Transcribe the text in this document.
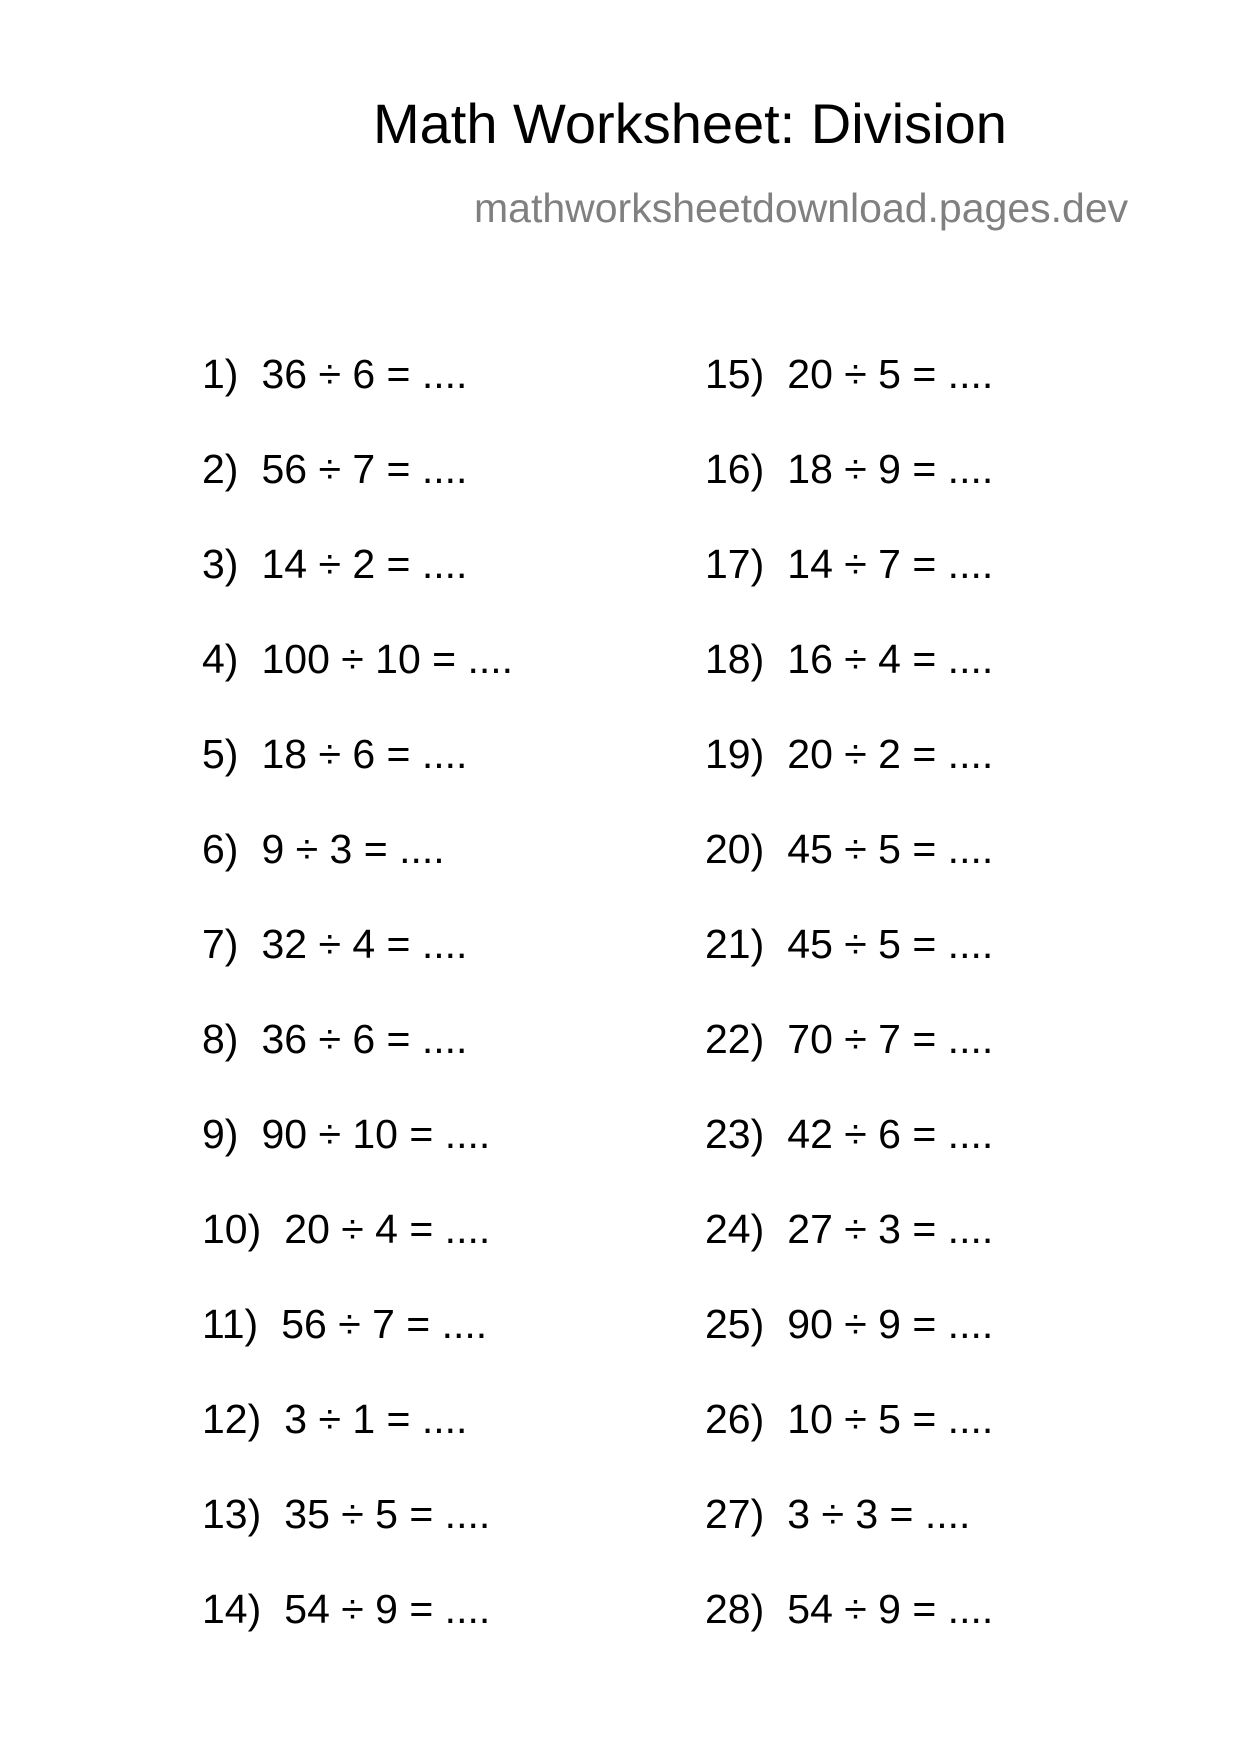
Math Worksheet: Division
mathworksheetdownload.pages.dev
1) 36 ÷ 6 = ....
2) 56 ÷ 7 = ....
3) 14 ÷ 2 = ....
4) 100 ÷ 10 = ....
5) 18 ÷ 6 = ....
6) 9 ÷ 3 = ....
7) 32 ÷ 4 = ....
8) 36 ÷ 6 = ....
9) 90 ÷ 10 = ....
10) 20 ÷ 4 = ....
11) 56 ÷ 7 = ....
12) 3 ÷ 1 = ....
13) 35 ÷ 5 = ....
14) 54 ÷ 9 = ....
15) 20 ÷ 5 = ....
16) 18 ÷ 9 = ....
17) 14 ÷ 7 = ....
18) 16 ÷ 4 = ....
19) 20 ÷ 2 = ....
20) 45 ÷ 5 = ....
21) 45 ÷ 5 = ....
22) 70 ÷ 7 = ....
23) 42 ÷ 6 = ....
24) 27 ÷ 3 = ....
25) 90 ÷ 9 = ....
26) 10 ÷ 5 = ....
27) 3 ÷ 3 = ....
28) 54 ÷ 9 = ....
